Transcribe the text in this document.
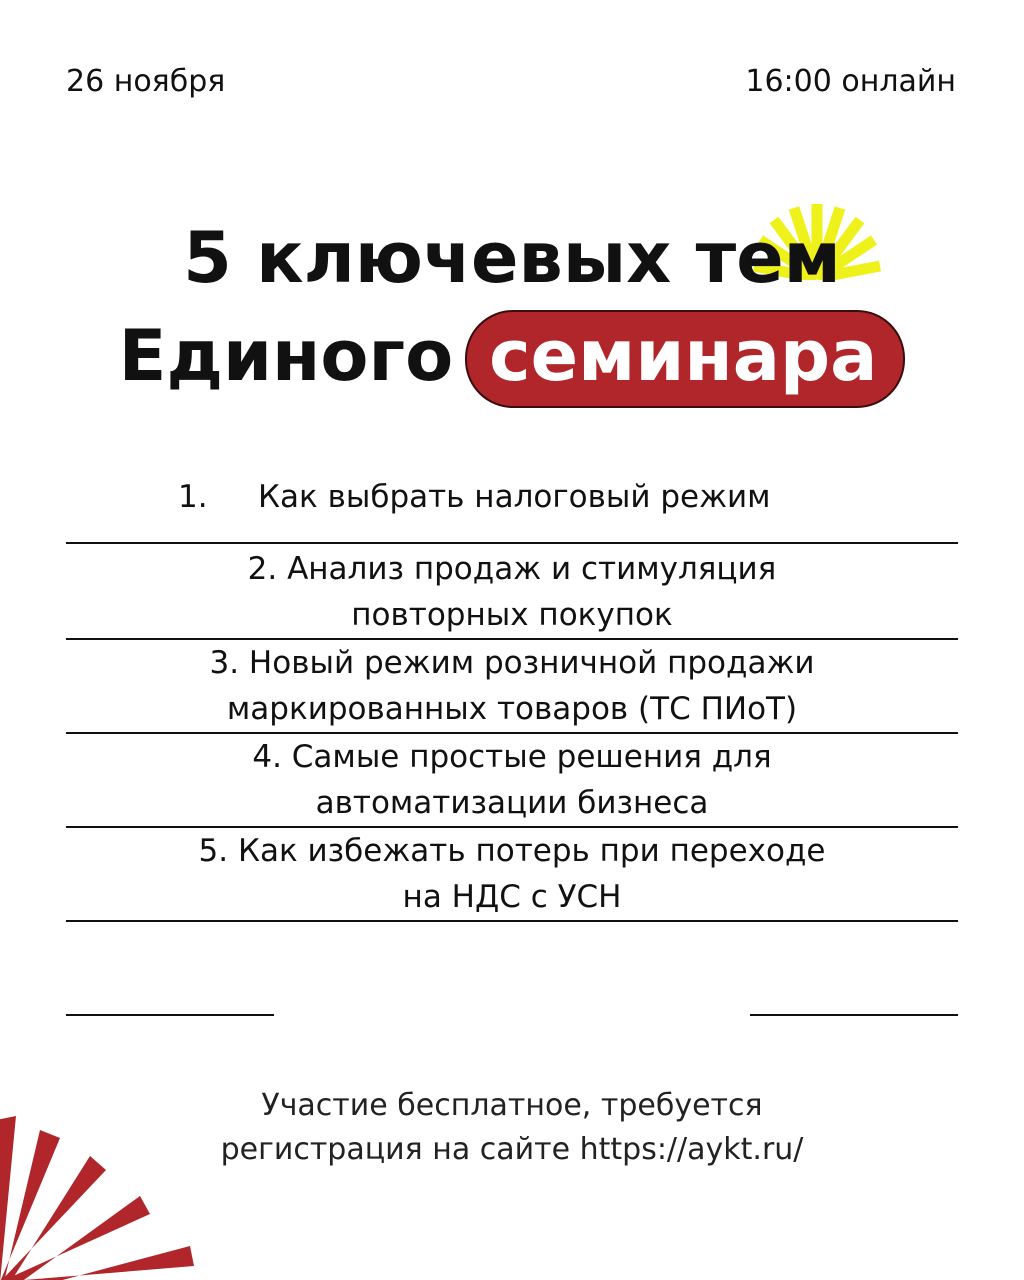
26 ноября	16:00 онлайн
5 ключевых тем
Единого семинара
1. Как выбрать налоговый режим
2. Анализ продаж и стимуляция
повторных покупок
3. Новый режим розничной продажи
маркированных товаров (ТС ПИоТ)
4. Самые простые решения для
автоматизации бизнеса
5. Как избежать потерь при переходе
на НДС с УСН
Участие бесплатное, требуется
регистрация на сайте https://aykt.ru/
